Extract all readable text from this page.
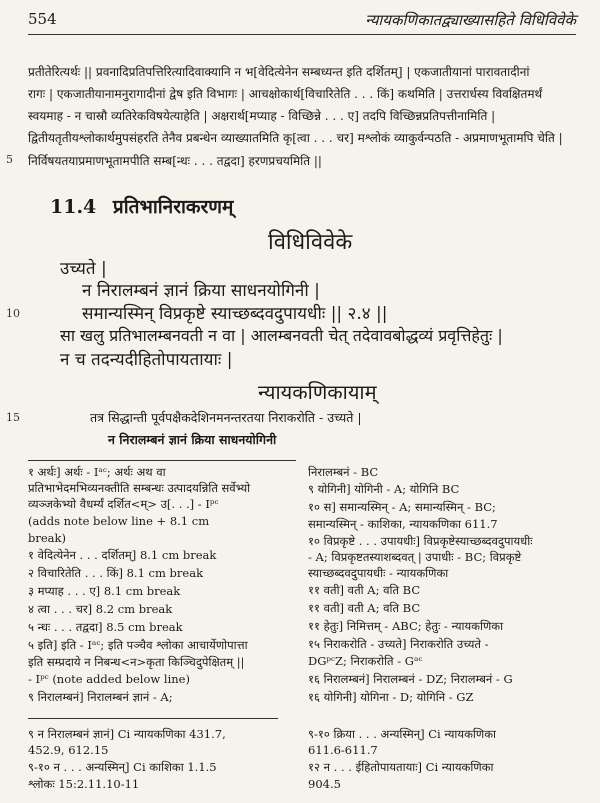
554	न्यायकणिकातद्व्याख्यासहिते विधिविवेके
प्रतीतेरित्यर्थः || प्रवनादिप्रतिपत्तिरित्यादिवाक्यानि न भ[वेदित्येनेन सम्बध्यन्त इति दर्शितम्] | एकजातीयानां पारावतादीनां
रागः | एकजातीयानामनुरागादीनां द्वेष इति विभागः | आचक्षोकार्थ[विचारितेति . . . किं] कथमिति | उत्तरार्धस्य विवक्षितमर्थं
स्वयमाह - न चास्रौ व्यतिरेकविषयेत्याहेति | अक्षरार्थ[मप्याह - विच्छिन्ने . . . ए] तदपि विच्छिन्नप्रतिपत्तीनामिति |
द्वितीयतृतीयश्लोकार्थमुपसंहरति तेनैव प्रबन्धेन व्याख्यातमिति कृ[त्वा . . . चर] मश्लोकं व्याकुर्वन्पठति - अप्रमाणभूतामपि चेति |
निर्विषयतयाप्रमाणभूतामपीति सम्ब[न्धः . . . तद्वदा] हरणप्रचयमिति ||
5
11.4 प्रतिभानिराकरणम्
विधिविवेके
उच्यते |
न निरालम्बनं ज्ञानं क्रिया साधनयोगिनी |
समान्यस्मिन् विप्रकृष्टे स्याच्छब्दवदुपायधीः || २.४ ||
10
सा खलु प्रतिभालम्बनवती न वा | आलम्बनवती चेत् तदेवावबोद्धव्यं प्रवृत्तिहेतुः |
न च तदन्यदीहितोपायतायाः |
न्यायकणिकायाम्
तत्र सिद्धान्ती पूर्वपक्षैकदेशिनमनन्तरतया निराकरोति - उच्यते |
15
न निरालम्बनं ज्ञानं क्रिया साधनयोगिनी
१ अर्थः] अर्थः - Iᵃᶜ; अर्थः अथ वा
प्रतिभाभेदमभिव्यनक्तीति सम्बन्धः उत्पादयन्निति सर्वेभ्यो
व्यञ्जकेभ्यो वैधर्म्यं दर्शित<म्> उ[. . .] - Iᵖᶜ
(adds note below line + 8.1 cm
break)
१ वेदित्येनेन . . . दर्शितम्] 8.1 cm break
२ विचारितेति . . . किं] 8.1 cm break
३ मप्याह . . . ए] 8.1 cm break
४ त्वा . . . चर] 8.2 cm break
५ न्धः . . . तद्वदा] 8.5 cm break
५ इति] इति - Iᵃᶜ; इति पञ्चैव श्लोका आचार्येणोपात्ता
इति सम्प्रदाये न निबन्ध<न>कृता किञ्चिदुपेक्षितम् ||
- Iᵖᶜ (note added below line)
९ निरालम्बनं] निरालम्बनं ज्ञानं - A;
निरालम्बनं - BC
९ योगिनी] योगिनी - A; योगिनि BC
१० स] समान्यस्मिन् - A; समान्यस्मिन् - BC;
समान्यस्मिन् - काशिका, न्यायकणिका 611.7
१० विप्रकृष्टे . . . उपायधीः] विप्रकृष्टेस्याच्छब्दवदुपायधीः
- A; विप्रकृष्टतस्याशब्दवत् | उपाधीः - BC; विप्रकृष्टे
स्याच्छब्दवदुपायधीः - न्यायकणिका
११ वती] वती A; वति BC
११ वती] वती A; वति BC
११ हेतुः] निमित्तम् - ABC; हेतुः - न्यायकणिका
१५ निराकरोति - उच्यते] निराकरोति उच्यते -
DGᵖᶜZ; निराकरोति - Gᵃᶜ
१६ निरालम्बनं] निरालम्बनं - DZ; निरालम्बनं - G
१६ योगिनी] योगिना - D; योगिनि - GZ
९ न निरालम्बनं ज्ञानं] Ci न्यायकणिका 431.7,
452.9, 612.15
९-१० न . . . अन्यस्मिन्] Ci काशिका 1.1.5
श्लोकः 15:2.11.10-11
९-१० क्रिया . . . अन्यस्मिन्] Ci न्यायकणिका
611.6-611.7
१२ न . . . ईहितोपायतायाः] Ci न्यायकणिका
904.5
